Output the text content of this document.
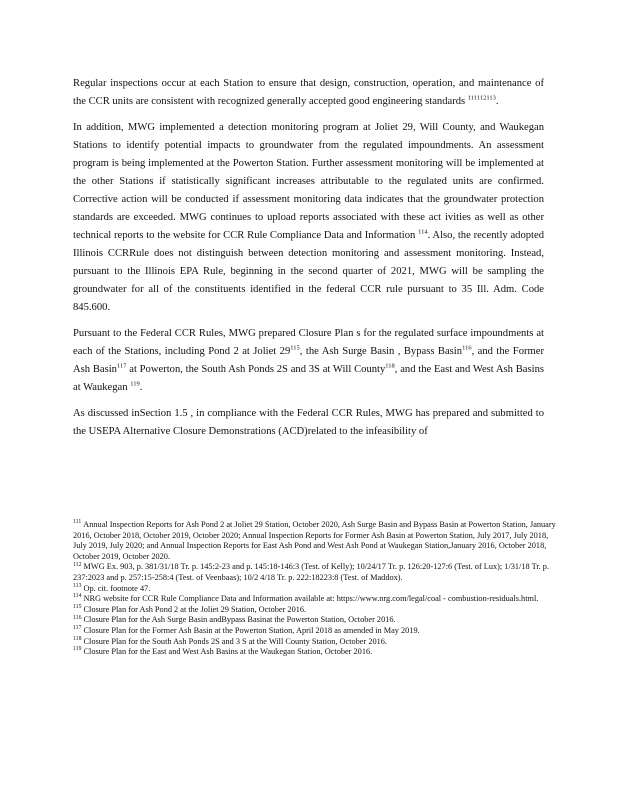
Regular inspections occur at each Station to ensure that design, construction, operation, and maintenance of the CCR units are consistent with recognized generally accepted good engineering standards $^{111112113}$.

In addition, MWG implemented a detection monitoring program at Joliet 29, Will County, and Waukegan Stations to identify potential impacts to groundwater from the regulated impoundments. An assessment program is being implemented at the Powerton Station. Further assessment monitoring will be implemented at the other Stations if statistically significant increases attributable to the regulated units are confirmed. Corrective action will be conducted if assessment monitoring data indicates that the groundwater protection standards are exceeded. MWG continues to upload reports associated with these act ivities as well as other technical reports to the website for CCR Rule Compliance Data and Information $^{114}$. Also, the recently adopted Illinois CCRRule does not distinguish between detection monitoring and assessment monitoring. Instead, pursuant to the Illinois EPA Rule, beginning in the second quarter of 2021, MWG will be sampling the groundwater for all of the constituents identified in the federal CCR rule pursuant to 35 Ill. Adm. Code 845.600.

Pursuant to the Federal CCR Rules, MWG prepared Closure Plаn s for the regulated surface impoundments at each of the Stations, including Pond 2 at Joliet 29$^{115}$, the Ash Surge Basin , Bypass Basin$^{116}$, and the Former Ash Basin$^{117}$ at Powerton, the South Ash Ponds 2S and 3S at Will County$^{118}$, and the East and West Ash Basins at Waukegan $^{119}$.

As discussed inSection 1.5 , in compliance with the Federal CCR Rules, MWG has prepared and submitted to the USEPA Alternative Closure Demonstrations (ACD)related to the infeasibility of

$^{111}$ Annual Inspection Reports for Ash Pond 2 at Joliet 29 Station, October 2020, Ash Surge Basin and Bypass Basin at Powerton Station, January 2016, October 2018, October 2019, October 2020; Annual Inspection Reports for Former Ash Basin at Powerton Station, July 2017, July 2018, July 2019, July 2020; and Annual Inspection Reports for East Ash Pond and West Ash Pond at Waukegan Station,January 2016, October 2018, October 2019, October 2020.
$^{112}$ MWG Ex. 903, p. 381/31/18 Tr. p. 145:2-23 and p. 145:18-146:3 (Test. of Kelly); 10/24/17 Tr. p. 126:20-127:6 (Test. of Lux); 1/31/18 Tr. p. 237:2023 and p. 257:15-258:4 (Test. of Veenbaas); 10/2 4/18 Tr. p. 222:18223:8 (Test. of Maddox).
$^{113}$ Op. cit. footnote 47.
$^{114}$ NRG website for CCR Rule Compliance Data and Information available at: https://www.nrg.com/legal/coal - combustion-residuals.html.
$^{115}$ Closure Plan for Ash Pond 2 at the Joliet 29 Station, October 2016.
$^{116}$ Closure Plan for the Ash Surge Basin andBypass Basinat the Powerton Station, October 2016.
$^{117}$ Closure Plan for the Former Ash Basin at the Powerton Station, April 2018 as amended in May 2019.
$^{118}$ Closure Plan for the South Ash Ponds 2S and 3 S at the Will County Station, October 2016.
$^{119}$ Closure Plan for the East and West Ash Basins at the Waukegan Station, October 2016.
